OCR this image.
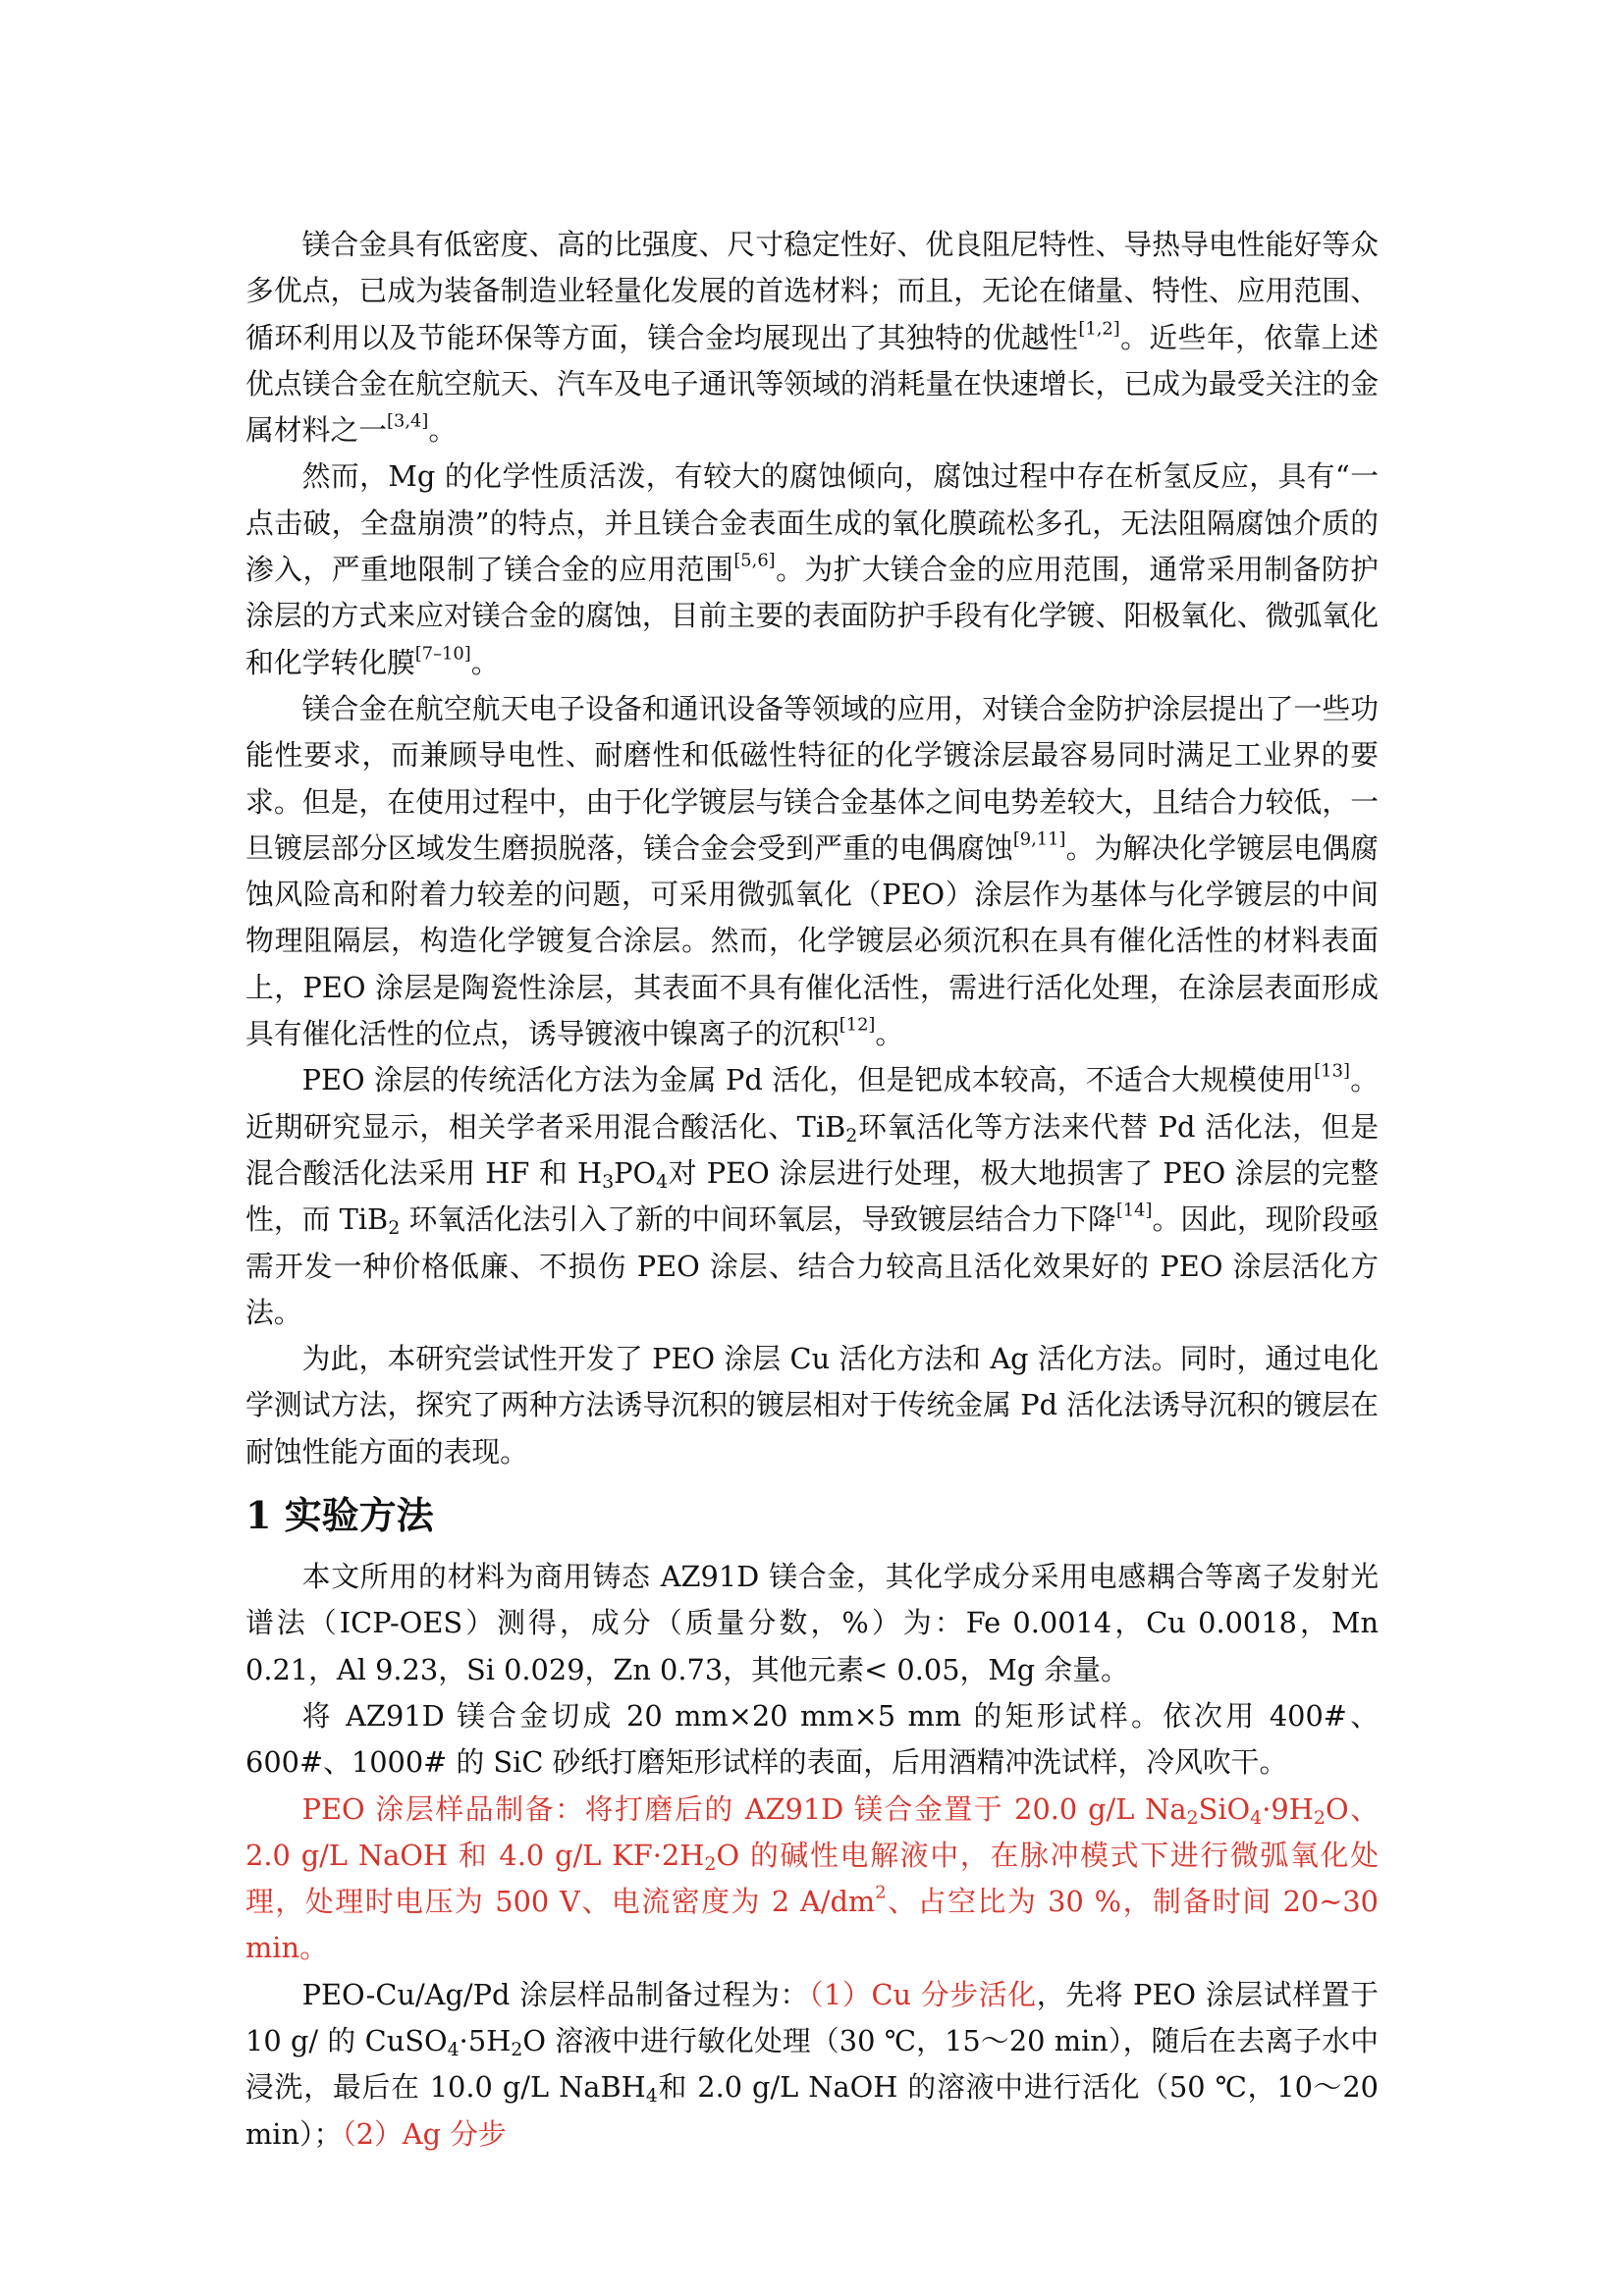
镁合金具有低密度、高的比强度、尺寸稳定性好、优良阻尼特性、导热导电性能好等众多优点，已成为装备制造业轻量化发展的首选材料；而且，无论在储量、特性、应用范围、循环利用以及节能环保等方面，镁合金均展现出了其独特的优越性[1,2]。近些年，依靠上述优点镁合金在航空航天、汽车及电子通讯等领域的消耗量在快速增长，已成为最受关注的金属材料之一[3,4]。

然而，Mg 的化学性质活泼，有较大的腐蚀倾向，腐蚀过程中存在析氢反应，具有“一点击破，全盘崩溃”的特点，并且镁合金表面生成的氧化膜疏松多孔，无法阻隔腐蚀介质的渗入，严重地限制了镁合金的应用范围[5,6]。为扩大镁合金的应用范围，通常采用制备防护涂层的方式来应对镁合金的腐蚀，目前主要的表面防护手段有化学镀、阳极氧化、微弧氧化和化学转化膜[7–10]。

镁合金在航空航天电子设备和通讯设备等领域的应用，对镁合金防护涂层提出了一些功能性要求，而兼顾导电性、耐磨性和低磁性特征的化学镀涂层最容易同时满足工业界的要求。但是，在使用过程中，由于化学镀层与镁合金基体之间电势差较大，且结合力较低，一旦镀层部分区域发生磨损脱落，镁合金会受到严重的电偶腐蚀[9,11]。为解决化学镀层电偶腐蚀风险高和附着力较差的问题，可采用微弧氧化（PEO）涂层作为基体与化学镀层的中间物理阻隔层，构造化学镀复合涂层。然而，化学镀层必须沉积在具有催化活性的材料表面上，PEO 涂层是陶瓷性涂层，其表面不具有催化活性，需进行活化处理，在涂层表面形成具有催化活性的位点，诱导镀液中镍离子的沉积[12]。

PEO 涂层的传统活化方法为金属 Pd 活化，但是钯成本较高，不适合大规模使用[13]。近期研究显示，相关学者采用混合酸活化、TiB$_2$环氧活化等方法来代替 Pd 活化法，但是混合酸活化法采用 HF 和 $H_3PO_4$对 PEO 涂层进行处理，极大地损害了 PEO 涂层的完整性，而 TiB$_2$ 环氧活化法引入了新的中间环氧层，导致镀层结合力下降[14]。因此，现阶段亟需开发一种价格低廉、不损伤 PEO 涂层、结合力较高且活化效果好的 PEO 涂层活化方法。

为此，本研究尝试性开发了 PEO 涂层 Cu 活化方法和 Ag 活化方法。同时，通过电化学测试方法，探究了两种方法诱导沉积的镀层相对于传统金属 Pd 活化法诱导沉积的镀层在耐蚀性能方面的表现。

1 实验方法

本文所用的材料为商用铸态 AZ91D 镁合金，其化学成分采用电感耦合等离子发射光谱法（ICP-OES）测得，成分（质量分数，%）为：Fe 0.0014，Cu 0.0018，Mn 0.21，Al 9.23，Si 0.029，Zn 0.73，其他元素< 0.05，Mg 余量。

将 AZ91D 镁合金切成 20 mm×20 mm×5 mm 的矩形试样。依次用 400#、600#、1000# 的 SiC 砂纸打磨矩形试样的表面，后用酒精冲洗试样，冷风吹干。

PEO 涂层样品制备：将打磨后的 AZ91D 镁合金置于 20.0 g/L $Na_2SiO_4\cdot 9H_2O$、2.0 g/L NaOH 和 4.0 g/L $KF\cdot 2H_2O$ 的碱性电解液中，在脉冲模式下进行微弧氧化处理，处理时电压为 500 V、电流密度为 2 $A/dm^2$、占空比为 30 %，制备时间 20~30 min。

PEO-Cu/Ag/Pd 涂层样品制备过程为：（1）Cu 分步活化，先将 PEO 涂层试样置于 10 g/ 的 $CuSO_4\cdot 5H_2O$ 溶液中进行敏化处理（30 ℃，15～20 min），随后在去离子水中浸洗，最后在 10.0 g/L NaBH$_4$和 2.0 g/L NaOH 的溶液中进行活化（50 ℃，10～20 min）；（2）Ag 分步
